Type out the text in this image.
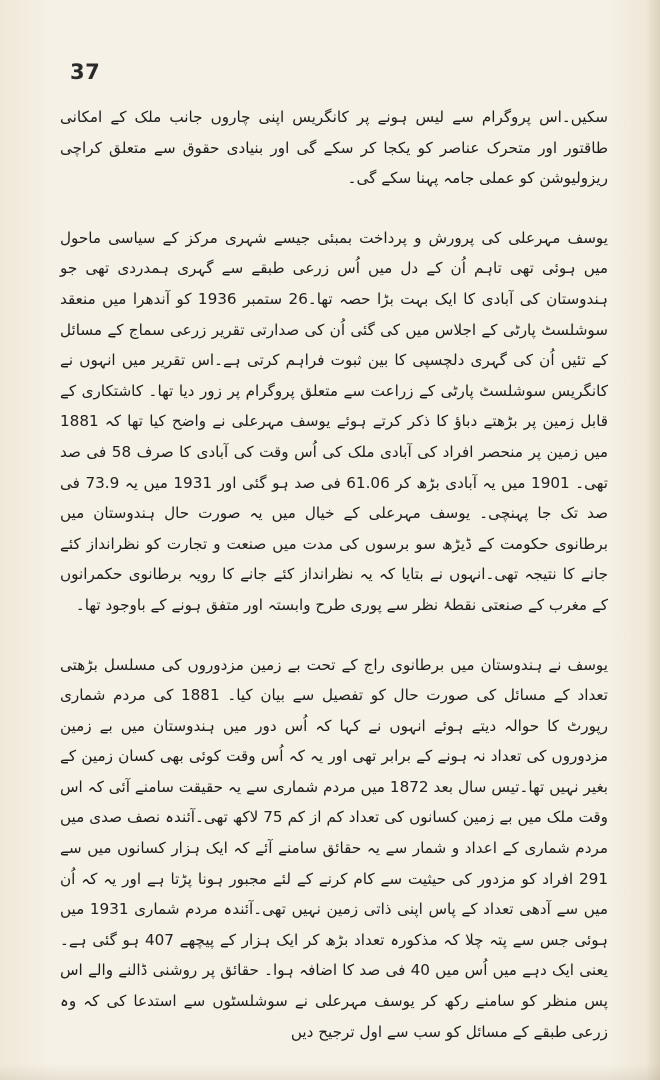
37

سکیں۔اس پروگرام سے لیس ہونے پر کانگریس اپنی چاروں جانب ملک کے امکانی طاقتور اور متحرک عناصر کو یکجا کر سکے گی اور بنیادی حقوق سے متعلق کراچی ریزولیوشن کو عملی جامہ پہنا سکے گی۔

یوسف مہرعلی کی پرورش و پرداخت بمبئی جیسے شہری مرکز کے سیاسی ماحول میں ہوئی تھی تاہم اُن کے دل میں اُس زرعی طبقے سے گہری ہمدردی تھی جو ہندوستان کی آبادی کا ایک بہت بڑا حصہ تھا۔26 ستمبر 1936 کو آندھرا میں منعقد سوشلسٹ پارٹی کے اجلاس میں کی گئی اُن کی صدارتی تقریر زرعی سماج کے مسائل کے تئیں اُن کی گہری دلچسپی کا بین ثبوت فراہم کرتی ہے۔اس تقریر میں انہوں نے کانگریس سوشلسٹ پارٹی کے زراعت سے متعلق پروگرام پر زور دیا تھا۔ کاشتکاری کے قابل زمین پر بڑھتے دباؤ کا ذکر کرتے ہوئے یوسف مہرعلی نے واضح کیا تھا کہ 1881 میں زمین پر منحصر افراد کی آبادی ملک کی اُس وقت کی آبادی کا صرف 58 فی صد تھی۔ 1901 میں یہ آبادی بڑھ کر 61.06 فی صد ہو گئی اور 1931 میں یہ 73.9 فی صد تک جا پہنچی۔ یوسف مہرعلی کے خیال میں یہ صورت حال ہندوستان میں برطانوی حکومت کے ڈیڑھ سو برسوں کی مدت میں صنعت و تجارت کو نظرانداز کئے جانے کا نتیجہ تھی۔انہوں نے بتایا کہ یہ نظرانداز کئے جانے کا رویہ برطانوی حکمرانوں کے مغرب کے صنعتی نقطۂ نظر سے پوری طرح وابستہ اور متفق ہونے کے باوجود تھا۔

یوسف نے ہندوستان میں برطانوی راج کے تحت بے زمین مزدوروں کی مسلسل بڑھتی تعداد کے مسائل کی صورت حال کو تفصیل سے بیان کیا۔ 1881 کی مردم شماری رپورٹ کا حوالہ دیتے ہوئے انہوں نے کہا کہ اُس دور میں ہندوستان میں بے زمین مزدوروں کی تعداد نہ ہونے کے برابر تھی اور یہ کہ اُس وقت کوئی بھی کسان زمین کے بغیر نہیں تھا۔تیس سال بعد 1872 میں مردم شماری سے یہ حقیقت سامنے آئی کہ اس وقت ملک میں بے زمین کسانوں کی تعداد کم از کم 75 لاکھ تھی۔آئندہ نصف صدی میں مردم شماری کے اعداد و شمار سے یہ حقائق سامنے آئے کہ ایک ہزار کسانوں میں سے 291 افراد کو مزدور کی حیثیت سے کام کرنے کے لئے مجبور ہونا پڑتا ہے اور یہ کہ اُن میں سے آدھی تعداد کے پاس اپنی ذاتی زمین نہیں تھی۔آئندہ مردم شماری 1931 میں ہوئی جس سے پتہ چلا کہ مذکورہ تعداد بڑھ کر ایک ہزار کے پیچھے 407 ہو گئی ہے۔یعنی ایک دہے میں اُس میں 40 فی صد کا اضافہ ہوا۔ حقائق پر روشنی ڈالنے والے اس پس منظر کو سامنے رکھ کر یوسف مہرعلی نے سوشلسٹوں سے استدعا کی کہ وہ زرعی طبقے کے مسائل کو سب سے اول ترجیح دیں
